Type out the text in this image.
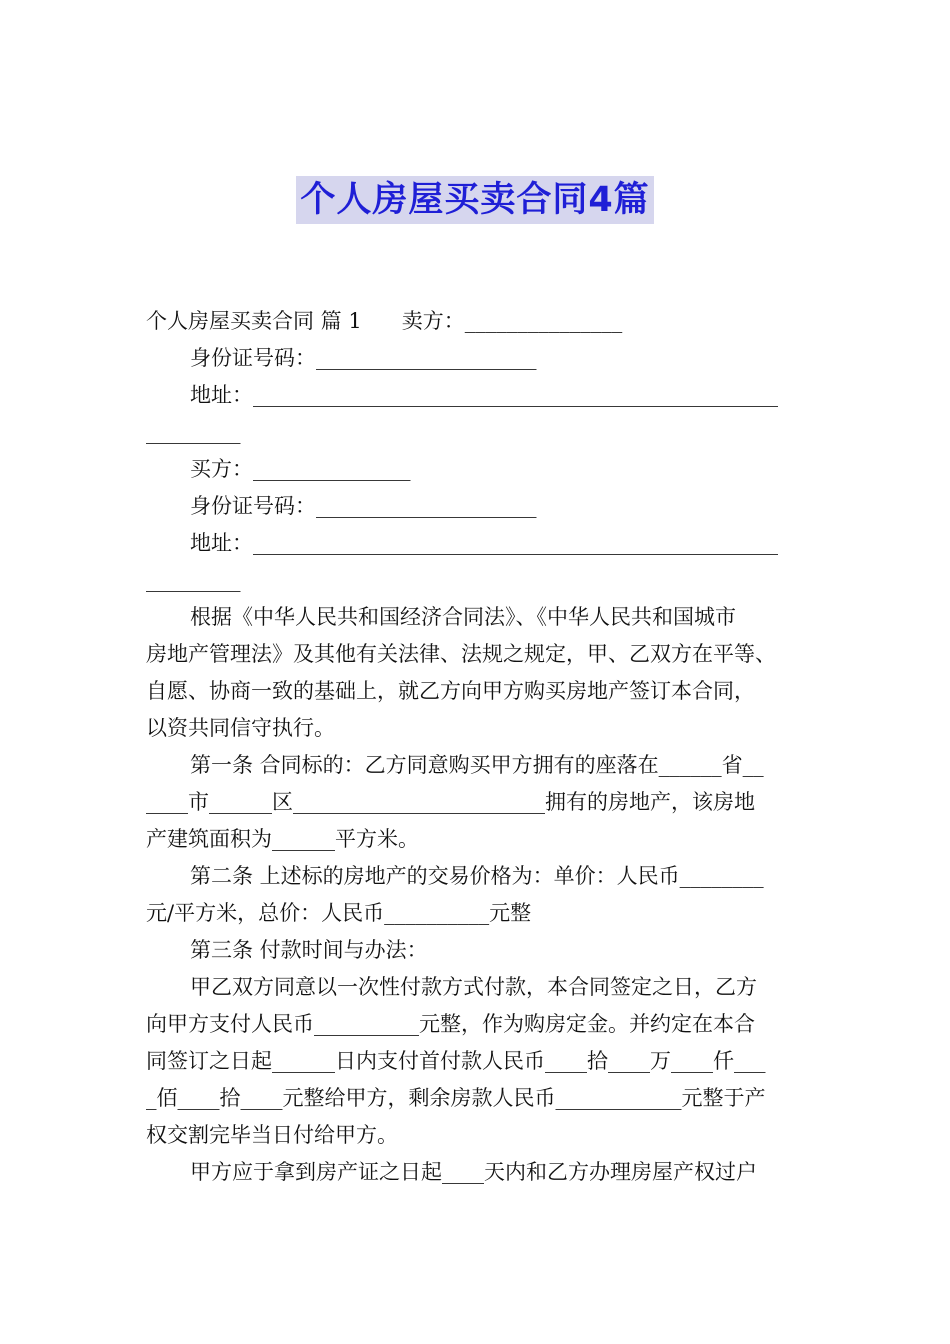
个人房屋买卖合同4篇
个人房屋买卖合同 篇 1      卖方：_______________
身份证号码：_____________________
地址：__________________________________________________
_________
买方：_______________
身份证号码：_____________________
地址：__________________________________________________
_________
根据《中华人民共和国经济合同法》、《中华人民共和国城市
房地产管理法》及其他有关法律、法规之规定，甲、乙双方在平等、
自愿、协商一致的基础上，就乙方向甲方购买房地产签订本合同，
以资共同信守执行。
第一条 合同标的：乙方同意购买甲方拥有的座落在______省__
____市______区________________________拥有的房地产，该房地
产建筑面积为______平方米。
第二条 上述标的房地产的交易价格为：单价：人民币________
元/平方米，总价：人民币__________元整
第三条 付款时间与办法：
甲乙双方同意以一次性付款方式付款，本合同签定之日，乙方
向甲方支付人民币__________元整，作为购房定金。并约定在本合
同签订之日起______日内支付首付款人民币____拾____万____仟___
_佰____拾____元整给甲方，剩余房款人民币____________元整于产
权交割完毕当日付给甲方。
甲方应于拿到房产证之日起____天内和乙方办理房屋产权过户
